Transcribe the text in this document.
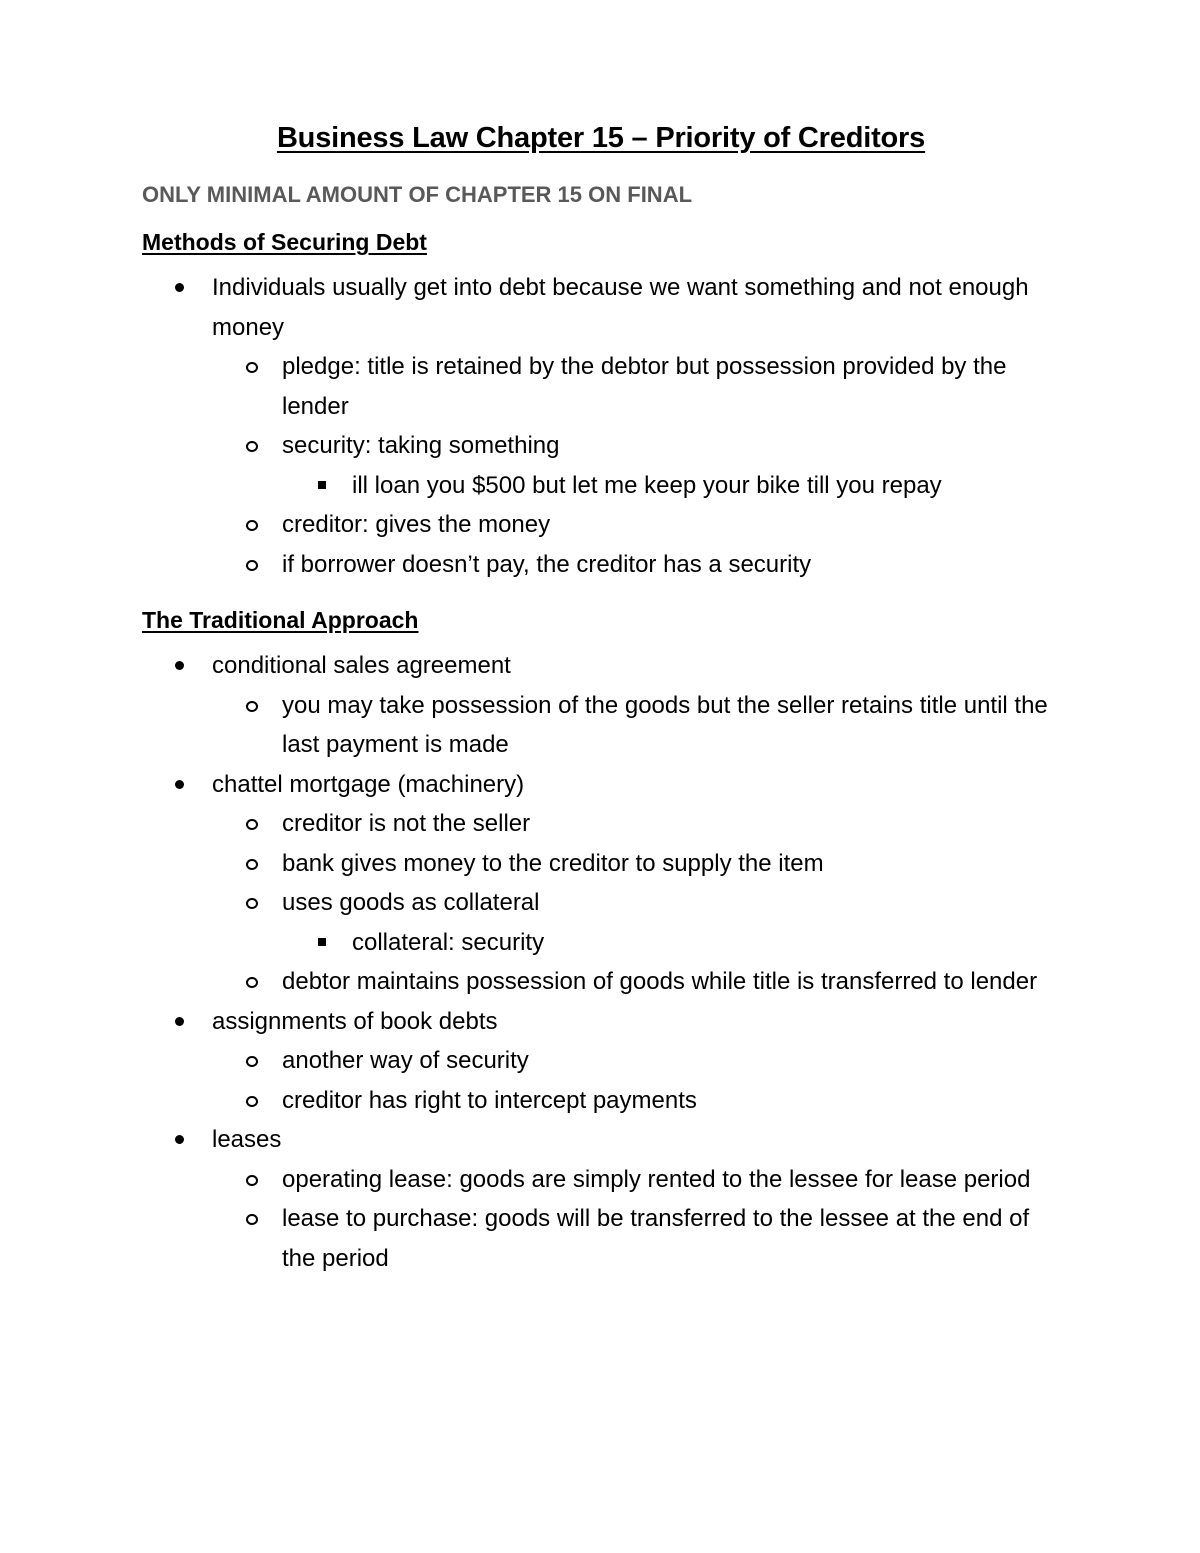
Business Law Chapter 15 – Priority of Creditors
ONLY MINIMAL AMOUNT OF CHAPTER 15 ON FINAL
Methods of Securing Debt
Individuals usually get into debt because we want something and not enough money
pledge: title is retained by the debtor but possession provided by the lender
security: taking something
ill loan you $500 but let me keep your bike till you repay
creditor: gives the money
if borrower doesn’t pay, the creditor has a security
The Traditional Approach
conditional sales agreement
you may take possession of the goods but the seller retains title until the last payment is made
chattel mortgage (machinery)
creditor is not the seller
bank gives money to the creditor to supply the item
uses goods as collateral
collateral: security
debtor maintains possession of goods while title is transferred to lender
assignments of book debts
another way of security
creditor has right to intercept payments
leases
operating lease: goods are simply rented to the lessee for lease period
lease to purchase: goods will be transferred to the lessee at the end of the period
